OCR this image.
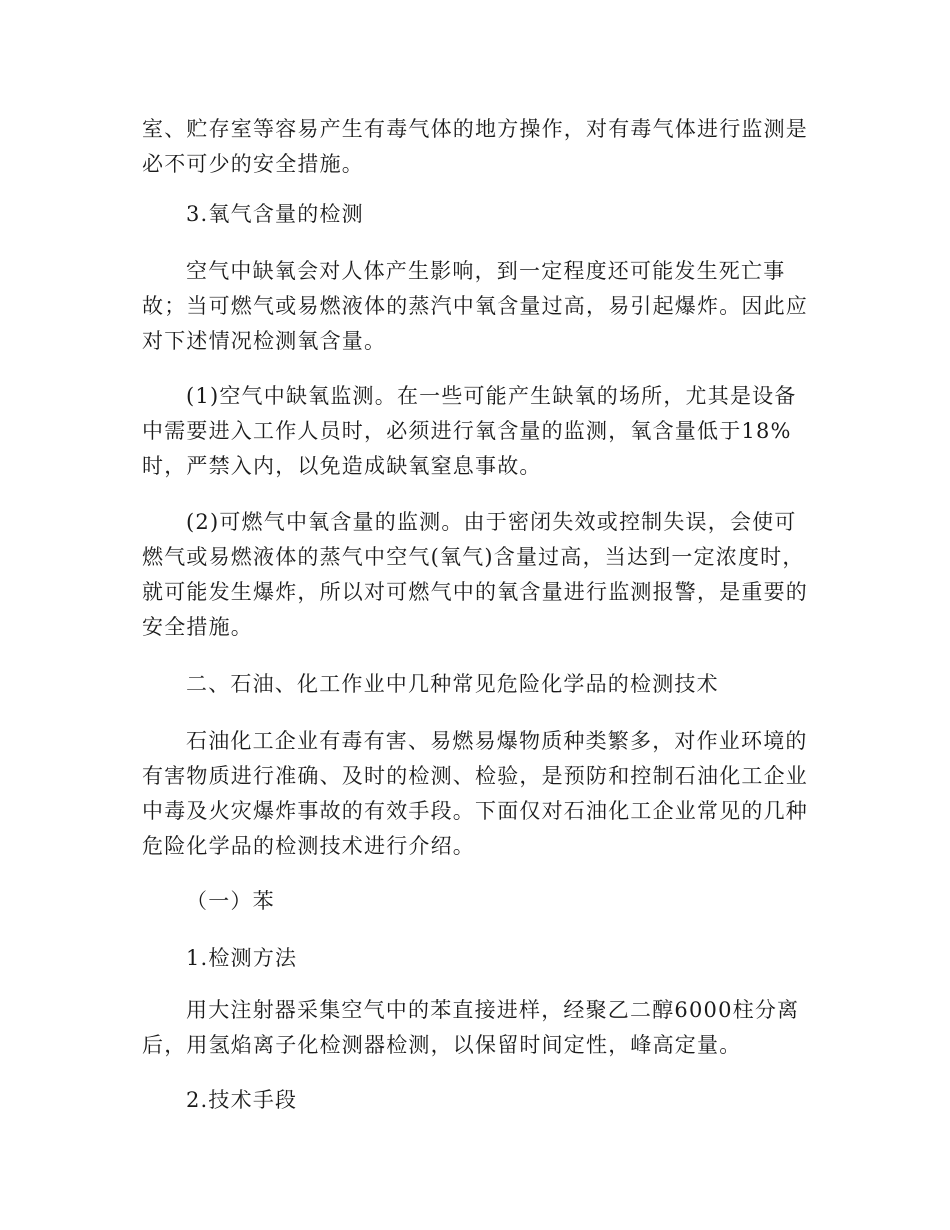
室、贮存室等容易产生有毒气体的地方操作，对有毒气体进行监测是必不可少的安全措施。

3.氧气含量的检测

空气中缺氧会对人体产生影响，到一定程度还可能发生死亡事故；当可燃气或易燃液体的蒸汽中氧含量过高，易引起爆炸。因此应对下述情况检测氧含量。

(1)空气中缺氧监测。在一些可能产生缺氧的场所，尤其是设备中需要进入工作人员时，必须进行氧含量的监测，氧含量低于18%时，严禁入内，以免造成缺氧窒息事故。

(2)可燃气中氧含量的监测。由于密闭失效或控制失误，会使可燃气或易燃液体的蒸气中空气(氧气)含量过高，当达到一定浓度时，就可能发生爆炸，所以对可燃气中的氧含量进行监测报警，是重要的安全措施。

二、石油、化工作业中几种常见危险化学品的检测技术

石油化工企业有毒有害、易燃易爆物质种类繁多，对作业环境的有害物质进行准确、及时的检测、检验，是预防和控制石油化工企业中毒及火灾爆炸事故的有效手段。下面仅对石油化工企业常见的几种危险化学品的检测技术进行介绍。

（一）苯

1.检测方法

用大注射器采集空气中的苯直接进样，经聚乙二醇6000柱分离后，用氢焰离子化检测器检测，以保留时间定性，峰高定量。

2.技术手段
